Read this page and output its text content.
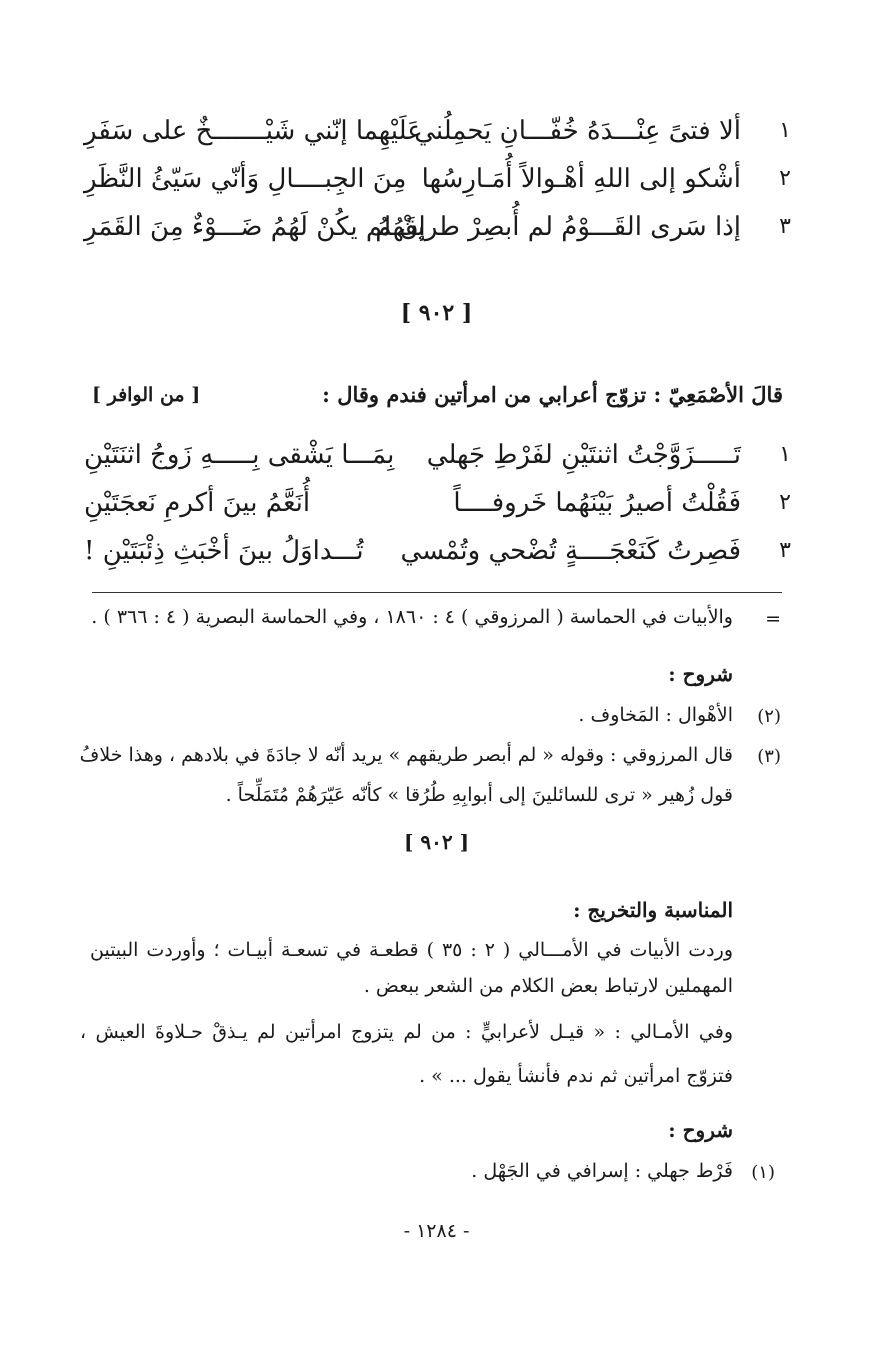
١
ألا فتىً عِنْـــدَهُ خُفّـــانِ يَحمِلُني
عَلَيْهِما إنّني شَيْـــــــخٌ على سَفَرِ
٢
أشْكو إلى اللهِ أهْـوالاً أُمَـارِسُها
مِنَ الجِبــــالِ وَأنّي سَيّئُ النَّظَرِ
٣
إذا سَرى القَـــوْمُ لم أُبصِرْ طريقَهُمُ
إنْ لم يكُنْ لَهُمُ ضَـــوْءٌ مِنَ القَمَرِ
[ ٩٠٢ ]
قالَ الأصْمَعِيّ : تزوّج أعرابي من امرأتين فندم وقال :
[ من الوافر ]
١
تَـــــزَوَّجْتُ اثنتَيْنِ لفَرْطِ جَهلي
بِمَـــا يَشْقى بِـــــهِ زَوجُ اثنَتَيْنِ
٢
فَقُلْتُ أصيرُ بَيْنَهُما خَروفــــاً
أُنَعَّمُ بينَ أكرمِ نَعجَتَيْنِ
٣
فَصِرتُ كَنَعْجَــــةٍ تُضْحي وتُمْسي
تُـــداوَلُ بينَ أخْبَثِ ذِئْبَتَيْنِ !
=
والأبيات في الحماسة ( المرزوقي ) ٤ : ١٨٦٠ ، وفي الحماسة البصرية ( ٤ : ٣٦٦ ) .
شروح :
(٢)
الأهْوال : المَخاوف .
(٣)
قال المرزوقي : وقوله « لم أبصر طريقهم » يريد أنّه لا جادَةَ في بلادهم ، وهذا خلافُ
قول زُهير « ترى للسائلينَ إلى أبوابِهِ طُرُقا » كأنّه عَيّرَهُمْ مُتَمَلِّحاً .
[ ٩٠٢ ]
المناسبة والتخريج :
وردت الأبيات في الأمـــالي ( ٢ : ٣٥ ) قطعـة في تسعـة أبيـات ؛ وأوردت البيتين المهملين لارتباط بعض الكلام من الشعر ببعض .
وفي الأمـالي : « قيـل لأعرابيٍّ : من لم يتزوج امرأتين لم يـذقْ حـلاوةَ العيش ، فتزوّج امرأتين ثم ندم فأنشأ يقول ... » .
شروح :
(١)
فَرْط جهلي : إسرافي في الجَهْل .
- ١٢٨٤ -
